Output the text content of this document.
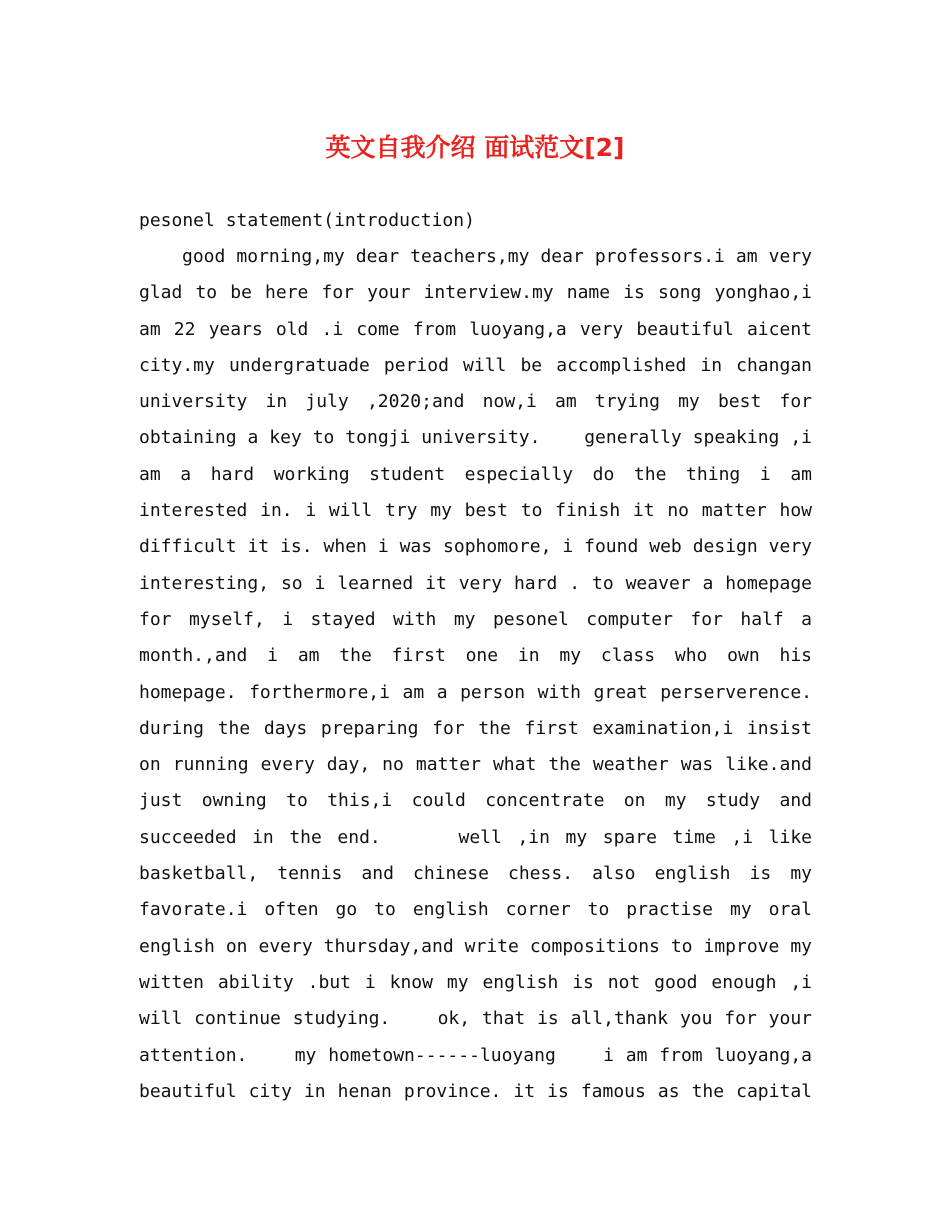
英文自我介绍 面试范文[2]

pesonel statement(introduction)

good morning,my dear teachers,my dear professors.i am very
glad to be here for your interview.my name is song yonghao,i
am 22 years old .i come from luoyang,a very beautiful aicent
city.my undergratuade period will be accomplished in changan
university in july ,2020;and now,i am trying my best for
obtaining a key to tongji university.    generally speaking ,i
am a hard working student especially do the thing i am
interested in. i will try my best to finish it no matter how
difficult it is. when i was sophomore, i found web design very
interesting, so i learned it very hard . to weaver a homepage
for myself, i stayed with my pesonel computer for half a
month.,and i am the first one in my class who own his
homepage. forthermore,i am a person with great perserverence.
during the days preparing for the first examination,i insist
on running every day, no matter what the weather was like.and
just owning to this,i could concentrate on my study and
succeeded in the end.     well ,in my spare time ,i like
basketball, tennis and chinese chess. also english is my
favorate.i often go to english corner to practise my oral
english on every thursday,and write compositions to improve my
witten ability .but i know my english is not good enough ,i
will continue studying.    ok, that is all,thank you for your
attention.    my hometown------luoyang    i am from luoyang,a
beautiful city in henan province. it is famous as the capital
